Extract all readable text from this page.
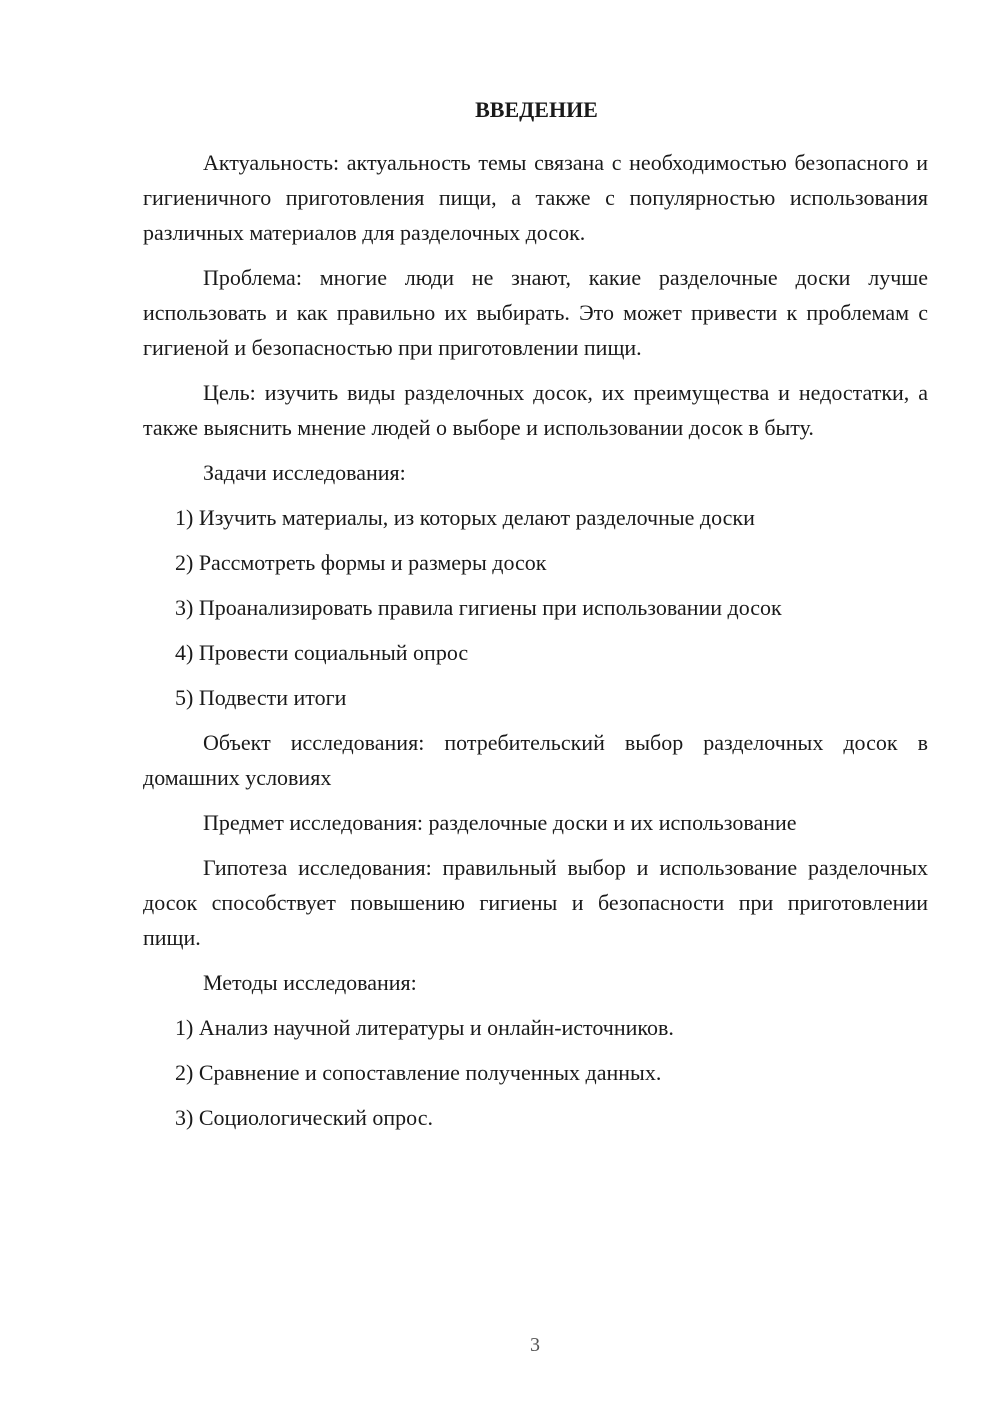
ВВЕДЕНИЕ

Актуальность: актуальность темы связана с необходимостью безопасного и гигиеничного приготовления пищи, а также с популярностью использования различных материалов для разделочных досок.

Проблема: многие люди не знают, какие разделочные доски лучше использовать и как правильно их выбирать. Это может привести к проблемам с гигиеной и безопасностью при приготовлении пищи.

Цель: изучить виды разделочных досок, их преимущества и недостатки, а также выяснить мнение людей о выборе и использовании досок в быту.

Задачи исследования:
1) Изучить материалы, из которых делают разделочные доски
2) Рассмотреть формы и размеры досок
3) Проанализировать правила гигиены при использовании досок
4) Провести социальный опрос
5) Подвести итоги

Объект исследования: потребительский выбор разделочных досок в домашних условиях

Предмет исследования: разделочные доски и их использование

Гипотеза исследования: правильный выбор и использование разделочных досок способствует повышению гигиены и безопасности при приготовлении пищи.

Методы исследования:
1) Анализ научной литературы и онлайн-источников.
2) Сравнение и сопоставление полученных данных.
3) Социологический опрос.
3
